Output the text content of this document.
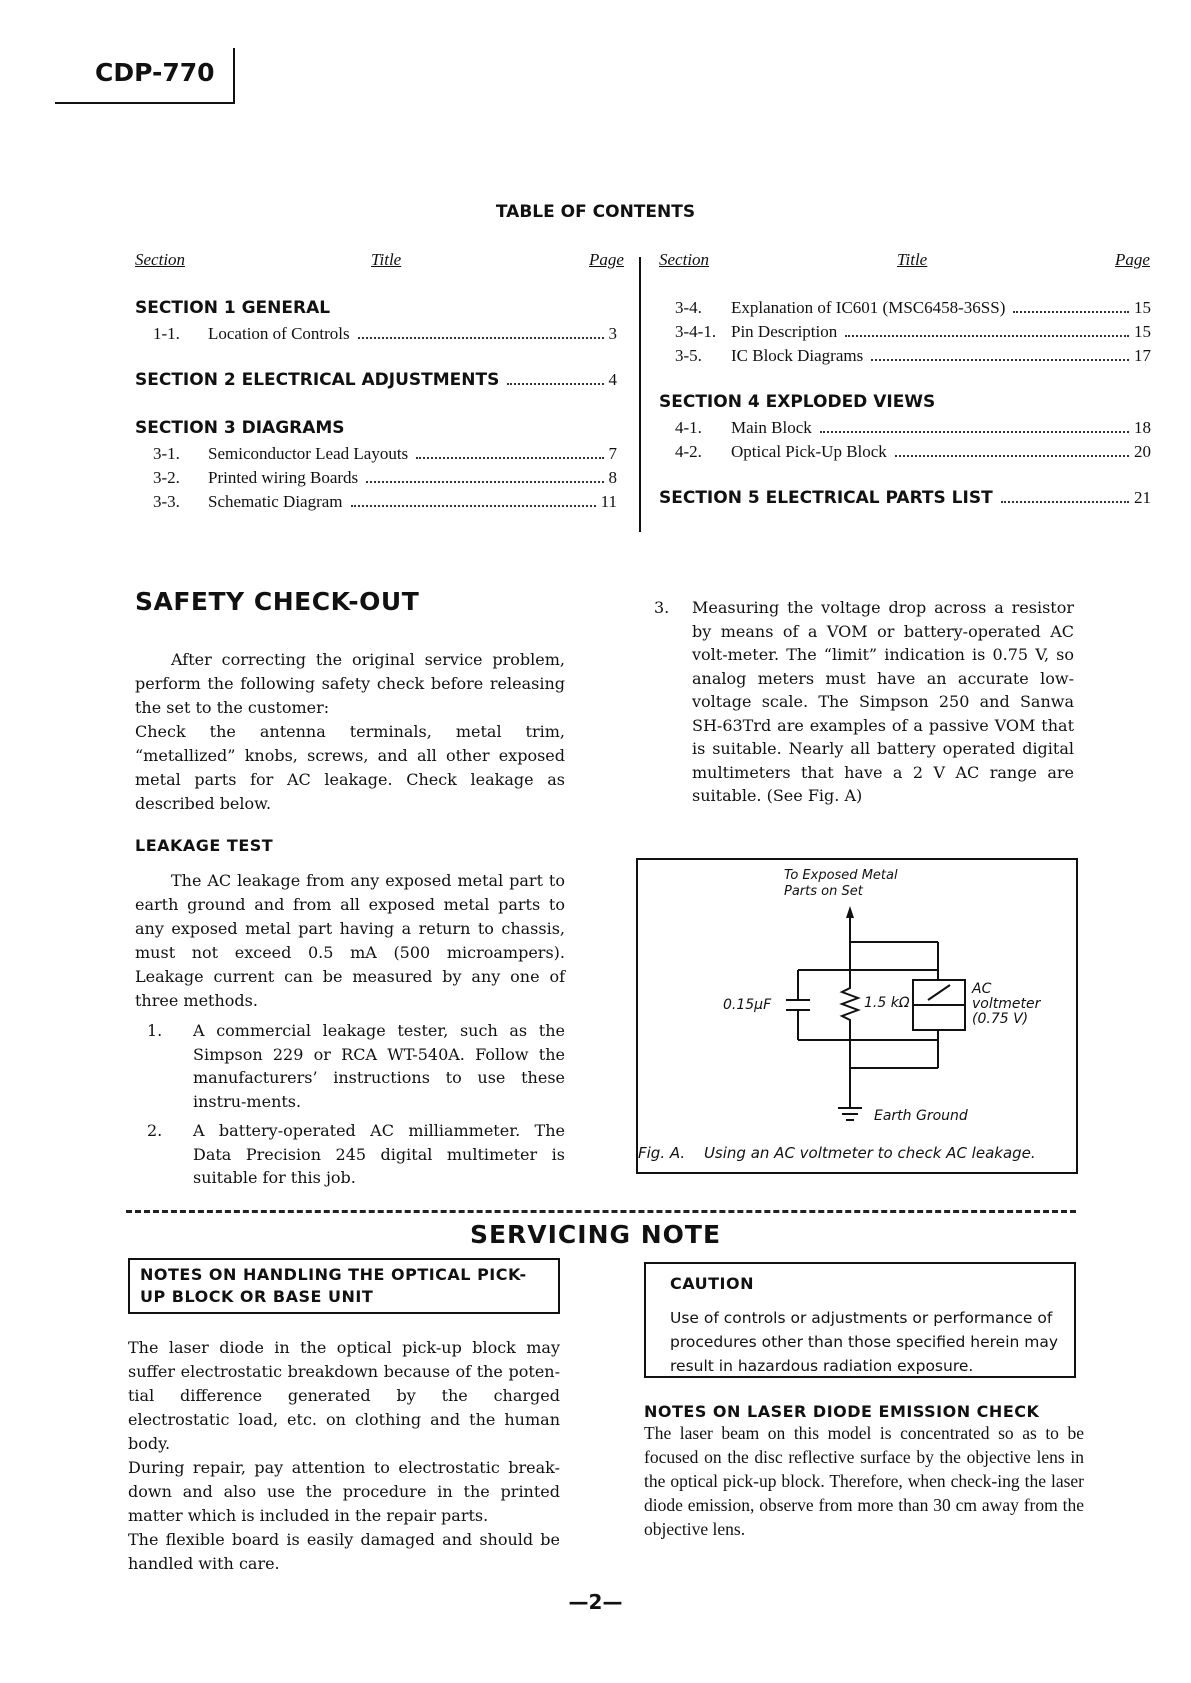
CDP-770
TABLE OF CONTENTS
Section	Title	Page Section	Title	Page
SECTION 1 GENERAL
1-1.	Location of Controls	3
SECTION 2 ELECTRICAL ADJUSTMENTS	4
SECTION 3 DIAGRAMS
3-1.	Semiconductor Lead Layouts	7
3-2.	Printed wiring Boards	8
3-3.	Schematic Diagram	11
3-4.	Explanation of IC601 (MSC6458-36SS)	15
3-4-1. Pin Description	15
3-5.	IC Block Diagrams	17
SECTION 4 EXPLODED VIEWS
4-1.	Main Block	18
4-2.	Optical Pick-Up Block	20
SECTION 5 ELECTRICAL PARTS LIST	21
SAFETY CHECK-OUT
After correcting the original service problem, perform the following safety check before releasing the set to the customer:
Check the antenna terminals, metal trim, “metallized” knobs, screws, and all other exposed metal parts for AC leakage. Check leakage as described below.
LEAKAGE TEST
The AC leakage from any exposed metal part to earth ground and from all exposed metal parts to any exposed metal part having a return to chassis, must not exceed 0.5 mA (500 microampers). Leakage current can be measured by any one of three methods.
1.	A commercial leakage tester, such as the Simpson 229 or RCA WT-540A. Follow the manufacturers’ instructions to use these instru-ments.
2.	A battery-operated AC milliammeter. The Data Precision 245 digital multimeter is suitable for this job.
3.	Measuring the voltage drop across a resistor by means of a VOM or battery-operated AC volt-meter. The “limit” indication is 0.75 V, so analog meters must have an accurate low-voltage scale. The Simpson 250 and Sanwa SH-63Trd are examples of a passive VOM that is suitable. Nearly all battery operated digital multimeters that have a 2 V AC range are suitable. (See Fig. A)
To Exposed Metal
Parts on Set
0.15μF	1.5 kΩ
AC
voltmeter
(0.75 V)
Earth Ground
Fig. A. Using an AC voltmeter to check AC leakage.
SERVICING NOTE
NOTES ON HANDLING THE OPTICAL PICK-UP BLOCK OR BASE UNIT
The laser diode in the optical pick-up block may suffer electrostatic breakdown because of the poten-tial difference generated by the charged electrostatic load, etc. on clothing and the human body.
During repair, pay attention to electrostatic break-down and also use the procedure in the printed matter which is included in the repair parts.
The flexible board is easily damaged and should be handled with care.
CAUTION
Use of controls or adjustments or performance of procedures other than those specified herein may result in hazardous radiation exposure.
NOTES ON LASER DIODE EMISSION CHECK
The laser beam on this model is concentrated so as to be focused on the disc reflective surface by the objective lens in the optical pick-up block. Therefore, when check-ing the laser diode emission, observe from more than 30 cm away from the objective lens.
—2—
